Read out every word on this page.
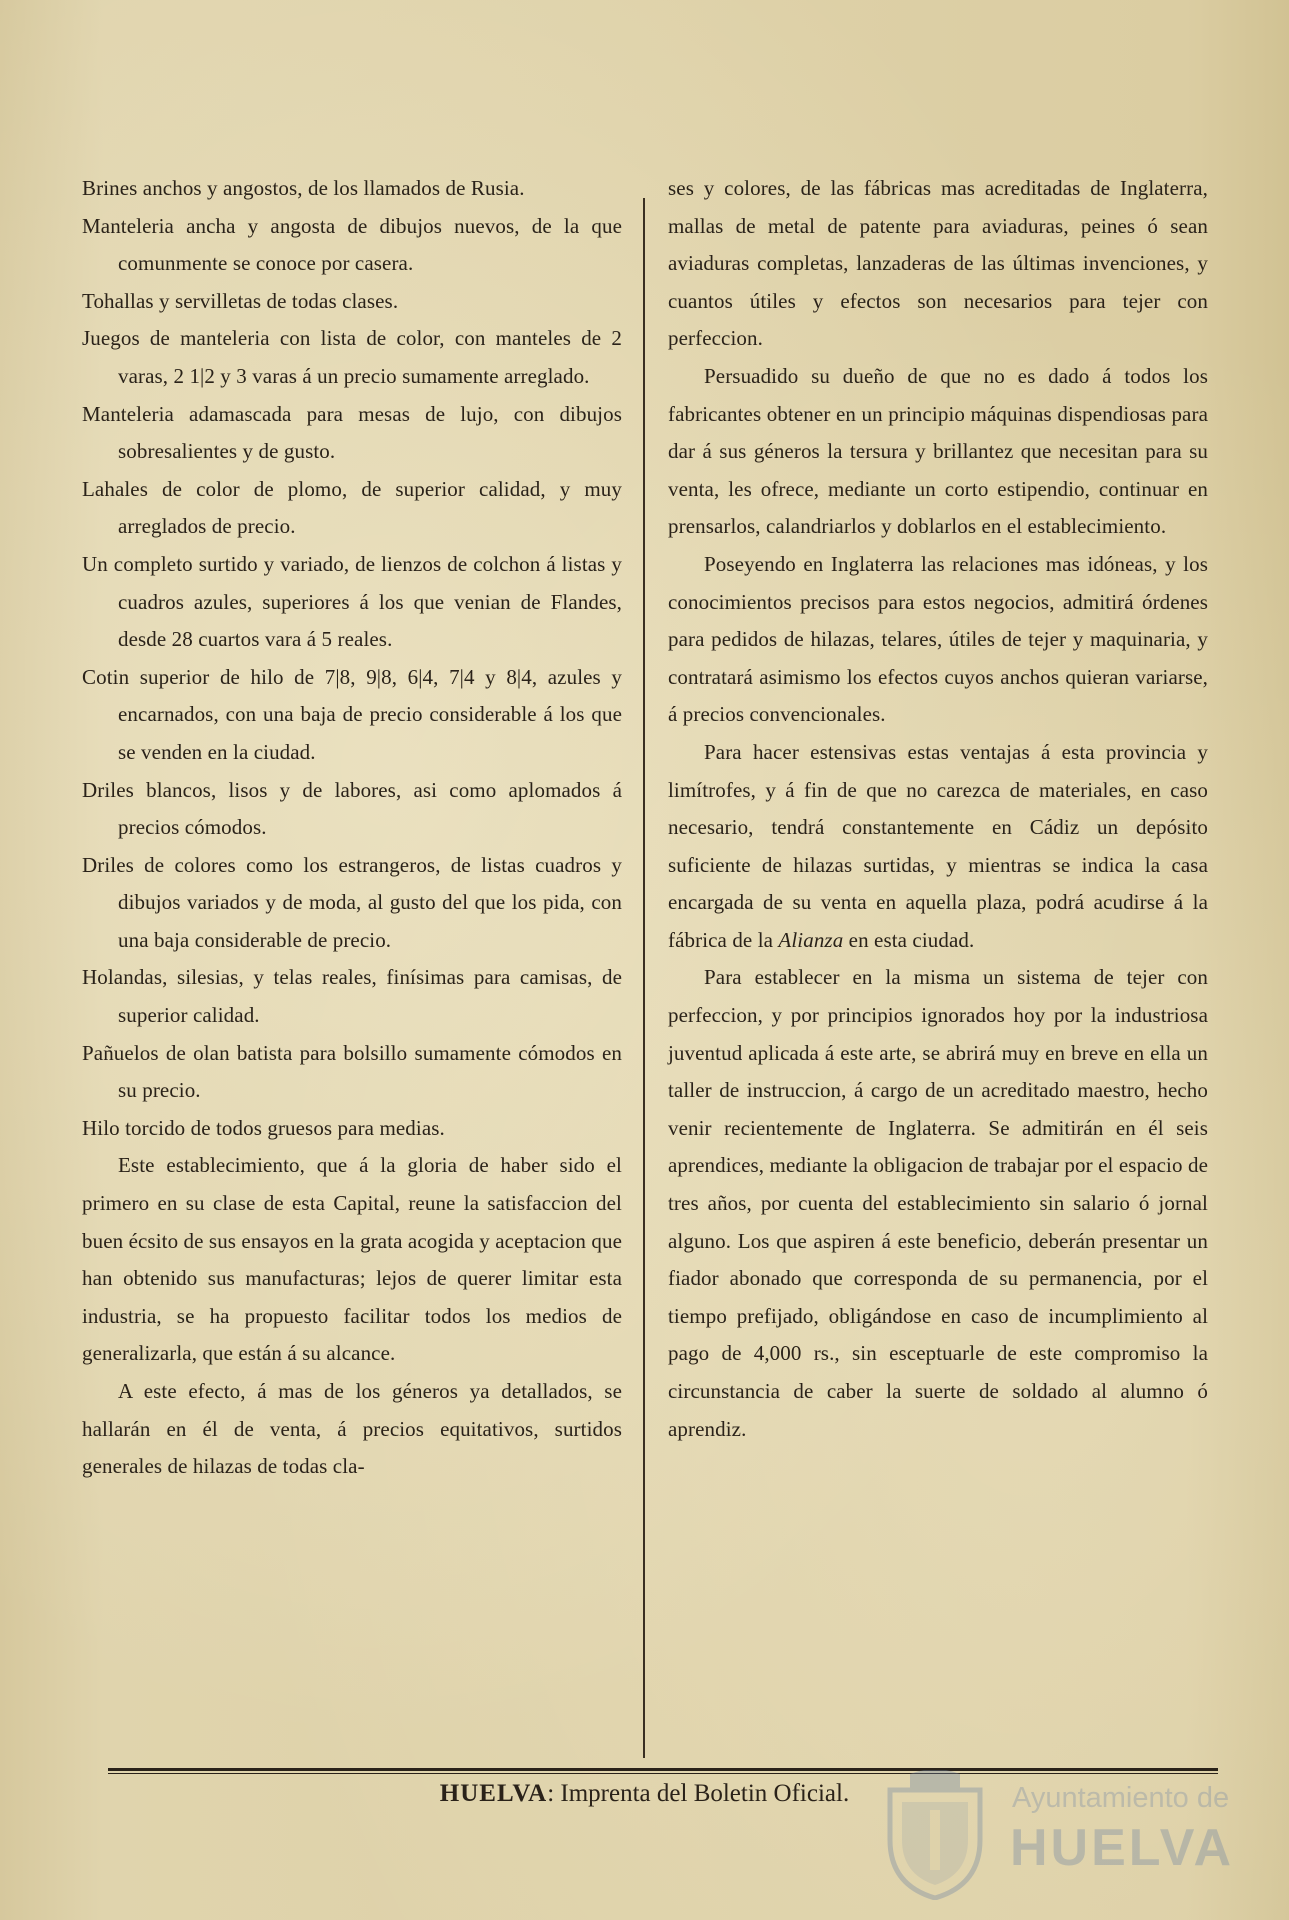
Brines anchos y angostos, de los llamados de Rusia.

Manteleria ancha y angosta de dibujos nuevos, de la que comunmente se conoce por casera.

Tohallas y servilletas de todas clases.

Juegos de manteleria con lista de color, con manteles de 2 varas, 2 1|2 y 3 varas á un precio sumamente arreglado.

Manteleria adamascada para mesas de lujo, con dibujos sobresalientes y de gusto.

Lahales de color de plomo, de superior calidad, y muy arreglados de precio.

Un completo surtido y variado, de lienzos de colchon á listas y cuadros azules, superiores á los que venian de Flandes, desde 28 cuartos vara á 5 reales.

Cotin superior de hilo de 7|8, 9|8, 6|4, 7|4 y 8|4, azules y encarnados, con una baja de precio considerable á los que se venden en la ciudad.

Driles blancos, lisos y de labores, asi como aplomados á precios cómodos.

Driles de colores como los estrangeros, de listas cuadros y dibujos variados y de moda, al gusto del que los pida, con una baja considerable de precio.

Holandas, silesias, y telas reales, finísimas para camisas, de superior calidad.

Pañuelos de olan batista para bolsillo sumamente cómodos en su precio.

Hilo torcido de todos gruesos para medias.

Este establecimiento, que á la gloria de haber sido el primero en su clase de esta Capital, reune la satisfaccion del buen écsito de sus ensayos en la grata acogida y aceptacion que han obtenido sus manufacturas; lejos de querer limitar esta industria, se ha propuesto facilitar todos los medios de generalizarla, que están á su alcance.

A este efecto, á mas de los géneros ya detallados, se hallarán en él de venta, á precios equitativos, surtidos generales de hilazas de todas cla-

ses y colores, de las fábricas mas acreditadas de Inglaterra, mallas de metal de patente para aviaduras, peines ó sean aviaduras completas, lanzaderas de las últimas invenciones, y cuantos útiles y efectos son necesarios para tejer con perfeccion.

Persuadido su dueño de que no es dado á todos los fabricantes obtener en un principio máquinas dispendiosas para dar á sus géneros la tersura y brillantez que necesitan para su venta, les ofrece, mediante un corto estipendio, continuar en prensarlos, calandriarlos y doblarlos en el establecimiento.

Poseyendo en Inglaterra las relaciones mas idóneas, y los conocimientos precisos para estos negocios, admitirá órdenes para pedidos de hilazas, telares, útiles de tejer y maquinaria, y contratará asimismo los efectos cuyos anchos quieran variarse, á precios convencionales.

Para hacer estensivas estas ventajas á esta provincia y limítrofes, y á fin de que no carezca de materiales, en caso necesario, tendrá constantemente en Cádiz un depósito suficiente de hilazas surtidas, y mientras se indica la casa encargada de su venta en aquella plaza, podrá acudirse á la fábrica de la Alianza en esta ciudad.

Para establecer en la misma un sistema de tejer con perfeccion, y por principios ignorados hoy por la industriosa juventud aplicada á este arte, se abrirá muy en breve en ella un taller de instruccion, á cargo de un acreditado maestro, hecho venir recientemente de Inglaterra. Se admitirán en él seis aprendices, mediante la obligacion de trabajar por el espacio de tres años, por cuenta del establecimiento sin salario ó jornal alguno. Los que aspiren á este beneficio, deberán presentar un fiador abonado que corresponda de su permanencia, por el tiempo prefijado, obligándose en caso de incumplimiento al pago de 4,000 rs., sin esceptuarle de este compromiso la circunstancia de caber la suerte de soldado al alumno ó aprendiz.

HUELVA: Imprenta del Boletin Oficial.	Ayuntamiento de
HUELVA
